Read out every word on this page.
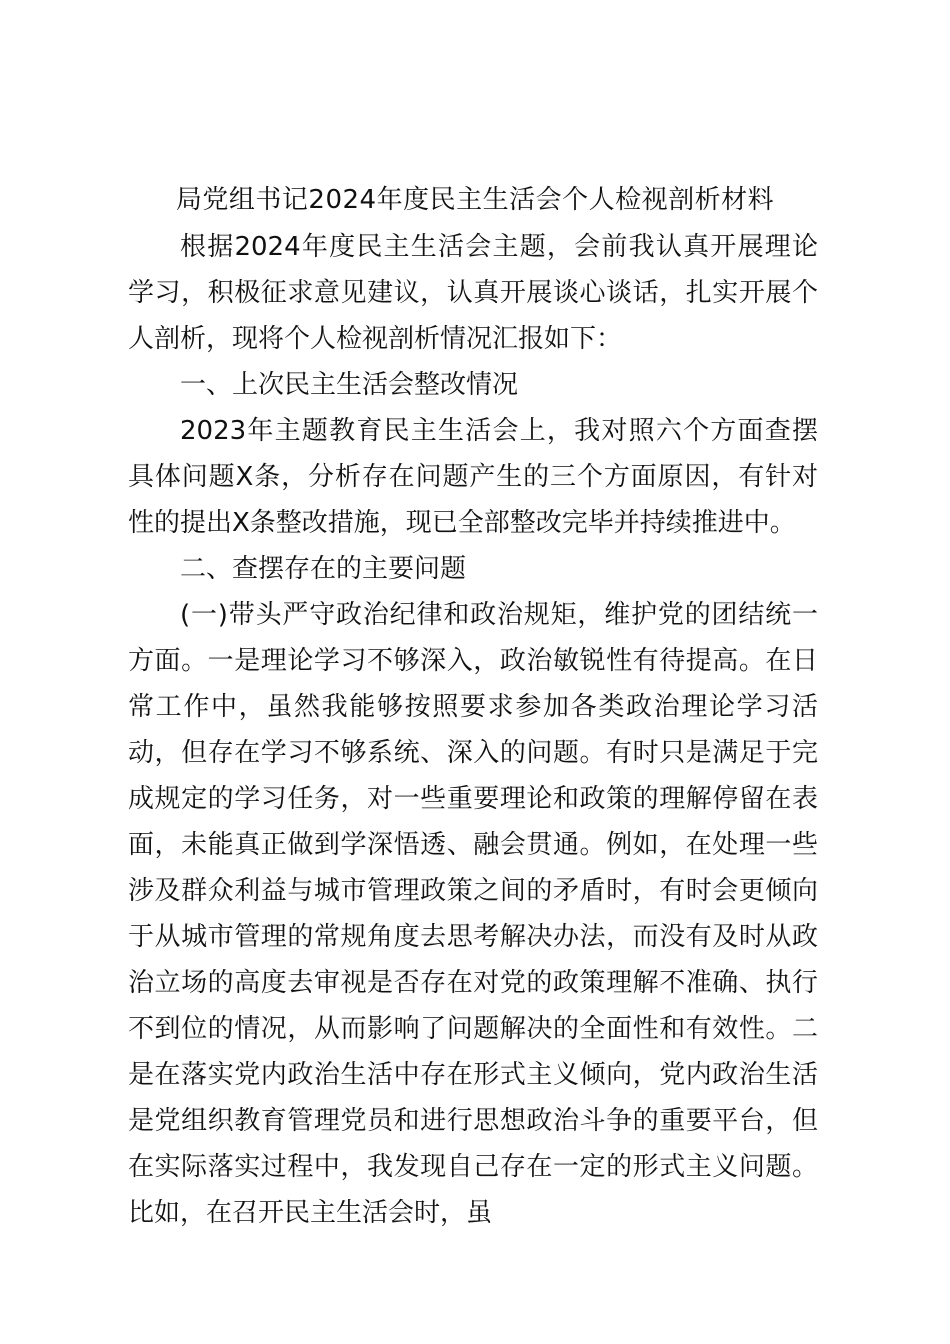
局党组书记2024年度民主生活会个人检视剖析材料

根据2024年度民主生活会主题，会前我认真开展理论学习，积极征求意见建议，认真开展谈心谈话，扎实开展个人剖析，现将个人检视剖析情况汇报如下：

一、上次民主生活会整改情况

2023年主题教育民主生活会上，我对照六个方面查摆具体问题X条，分析存在问题产生的三个方面原因，有针对性的提出X条整改措施，现已全部整改完毕并持续推进中。

二、查摆存在的主要问题

(一)带头严守政治纪律和政治规矩，维护党的团结统一方面。一是理论学习不够深入，政治敏锐性有待提高。在日常工作中，虽然我能够按照要求参加各类政治理论学习活动，但存在学习不够系统、深入的问题。有时只是满足于完成规定的学习任务，对一些重要理论和政策的理解停留在表面，未能真正做到学深悟透、融会贯通。例如，在处理一些涉及群众利益与城市管理政策之间的矛盾时，有时会更倾向于从城市管理的常规角度去思考解决办法，而没有及时从政治立场的高度去审视是否存在对党的政策理解不准确、执行不到位的情况，从而影响了问题解决的全面性和有效性。二是在落实党内政治生活中存在形式主义倾向，党内政治生活是党组织教育管理党员和进行思想政治斗争的重要平台，但在实际落实过程中，我发现自己存在一定的形式主义问题。比如，在召开民主生活会时，虽
